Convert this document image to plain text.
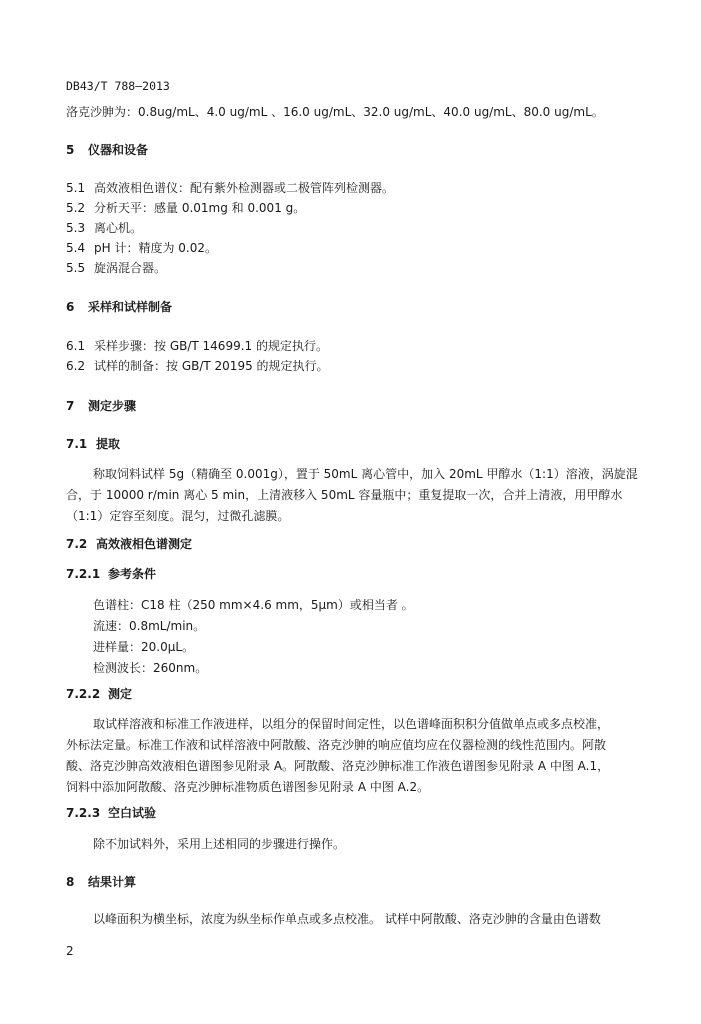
DB43/T 788—2013
洛克沙胂为：0.8ug/mL、4.0 ug/mL 、16.0 ug/mL、32.0 ug/mL、40.0 ug/mL、80.0 ug/mL。
5 仪器和设备
5.1 高效液相色谱仪：配有紫外检测器或二极管阵列检测器。
5.2 分析天平：感量 0.01mg 和 0.001 g。
5.3 离心机。
5.4 pH 计：精度为 0.02。
5.5 旋涡混合器。
6 采样和试样制备
6.1 采样步骤：按 GB/T 14699.1 的规定执行。
6.2 试样的制备：按 GB/T 20195 的规定执行。
7 测定步骤
7.1 提取
称取饲料试样 5g（精确至 0.001g），置于 50mL 离心管中，加入 20mL 甲醇水（1:1）溶液，涡旋混
合，于 10000 r/min 离心 5 min，上清液移入 50mL 容量瓶中；重复提取一次，合并上清液，用甲醇水
（1:1）定容至刻度。混匀，过微孔滤膜。
7.2 高效液相色谱测定
7.2.1 参考条件
色谱柱：C18 柱（250 mm×4.6 mm，5μm）或相当者 。
流速：0.8mL/min。
进样量：20.0μL。
检测波长：260nm。
7.2.2 测定
取试样溶液和标准工作液进样，以组分的保留时间定性，以色谱峰面积积分值做单点或多点校准，
外标法定量。标准工作液和试样溶液中阿散酸、洛克沙胂的响应值均应在仪器检测的线性范围内。阿散
酸、洛克沙胂高效液相色谱图参见附录 A。阿散酸、洛克沙胂标准工作液色谱图参见附录 A 中图 A.1，
饲料中添加阿散酸、洛克沙胂标准物质色谱图参见附录 A 中图 A.2。
7.2.3 空白试验
除不加试料外，采用上述相同的步骤进行操作。
8 结果计算
以峰面积为横坐标，浓度为纵坐标作单点或多点校准。 试样中阿散酸、洛克沙胂的含量由色谱数
2
